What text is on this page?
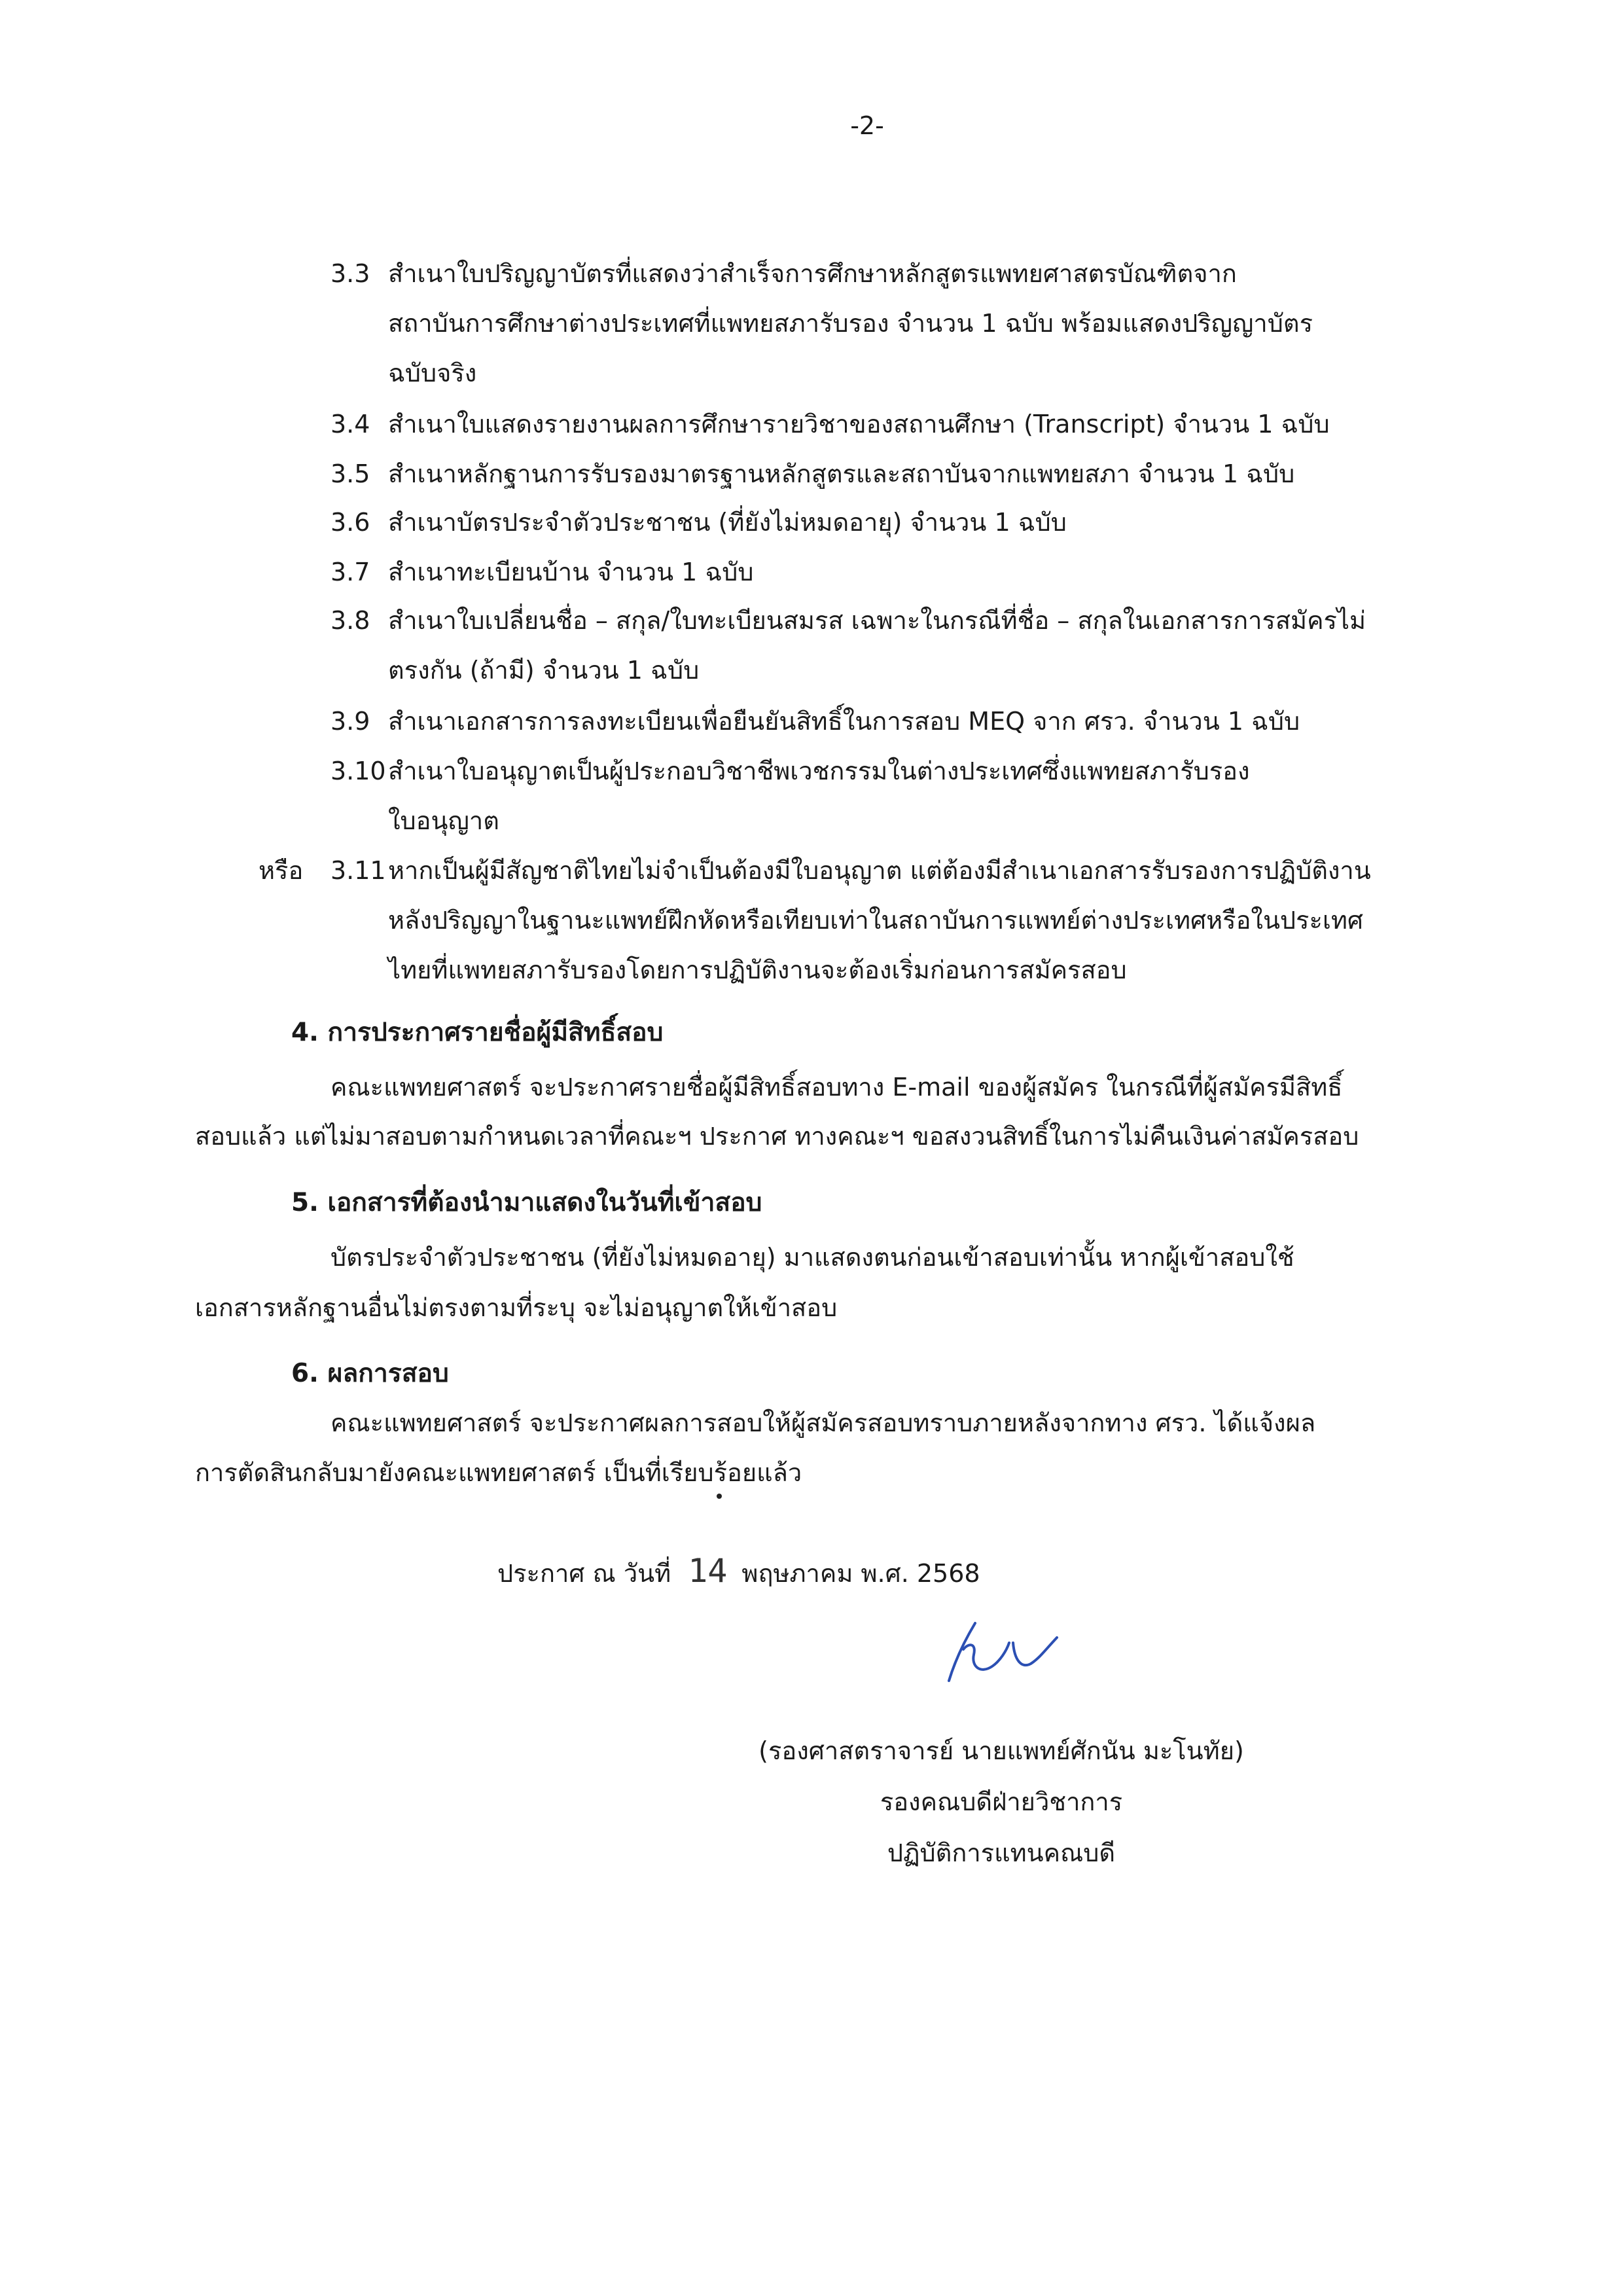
-2-
3.3 สำเนาใบปริญญาบัตรที่แสดงว่าสำเร็จการศึกษาหลักสูตรแพทยศาสตรบัณฑิตจาก
สถาบันการศึกษาต่างประเทศที่แพทยสภารับรอง จำนวน 1 ฉบับ พร้อมแสดงปริญญาบัตร
ฉบับจริง
3.4 สำเนาใบแสดงรายงานผลการศึกษารายวิชาของสถานศึกษา (Transcript) จำนวน 1 ฉบับ
3.5 สำเนาหลักฐานการรับรองมาตรฐานหลักสูตรและสถาบันจากแพทยสภา จำนวน 1 ฉบับ
3.6 สำเนาบัตรประจำตัวประชาชน (ที่ยังไม่หมดอายุ) จำนวน 1 ฉบับ
3.7 สำเนาทะเบียนบ้าน จำนวน 1 ฉบับ
3.8 สำเนาใบเปลี่ยนชื่อ – สกุล/ใบทะเบียนสมรส เฉพาะในกรณีที่ชื่อ – สกุลในเอกสารการสมัครไม่
ตรงกัน (ถ้ามี) จำนวน 1 ฉบับ
3.9 สำเนาเอกสารการลงทะเบียนเพื่อยืนยันสิทธิ์ในการสอบ MEQ จาก ศรว. จำนวน 1 ฉบับ
3.10 สำเนาใบอนุญาตเป็นผู้ประกอบวิชาชีพเวชกรรมในต่างประเทศซึ่งแพทยสภารับรอง
ใบอนุญาต
หรือ 3.11 หากเป็นผู้มีสัญชาติไทยไม่จำเป็นต้องมีใบอนุญาต แต่ต้องมีสำเนาเอกสารรับรองการปฏิบัติงาน
หลังปริญญาในฐานะแพทย์ฝึกหัดหรือเทียบเท่าในสถาบันการแพทย์ต่างประเทศหรือในประเทศ
ไทยที่แพทยสภารับรองโดยการปฏิบัติงานจะต้องเริ่มก่อนการสมัครสอบ
4. การประกาศรายชื่อผู้มีสิทธิ์สอบ
คณะแพทยศาสตร์ จะประกาศรายชื่อผู้มีสิทธิ์สอบทาง E-mail ของผู้สมัคร ในกรณีที่ผู้สมัครมีสิทธิ์
สอบแล้ว แต่ไม่มาสอบตามกำหนดเวลาที่คณะฯ ประกาศ ทางคณะฯ ขอสงวนสิทธิ์ในการไม่คืนเงินค่าสมัครสอบ
5. เอกสารที่ต้องนำมาแสดงในวันที่เข้าสอบ
บัตรประจำตัวประชาชน (ที่ยังไม่หมดอายุ) มาแสดงตนก่อนเข้าสอบเท่านั้น หากผู้เข้าสอบใช้
เอกสารหลักฐานอื่นไม่ตรงตามที่ระบุ จะไม่อนุญาตให้เข้าสอบ
6. ผลการสอบ
คณะแพทยศาสตร์ จะประกาศผลการสอบให้ผู้สมัครสอบทราบภายหลังจากทาง ศรว. ได้แจ้งผล
การตัดสินกลับมายังคณะแพทยศาสตร์ เป็นที่เรียบร้อยแล้ว
ประกาศ ณ วันที่ 14 พฤษภาคม พ.ศ. 2568
(รองศาสตราจารย์ นายแพทย์ศักนัน มะโนทัย)
รองคณบดีฝ่ายวิชาการ
ปฏิบัติการแทนคณบดี
